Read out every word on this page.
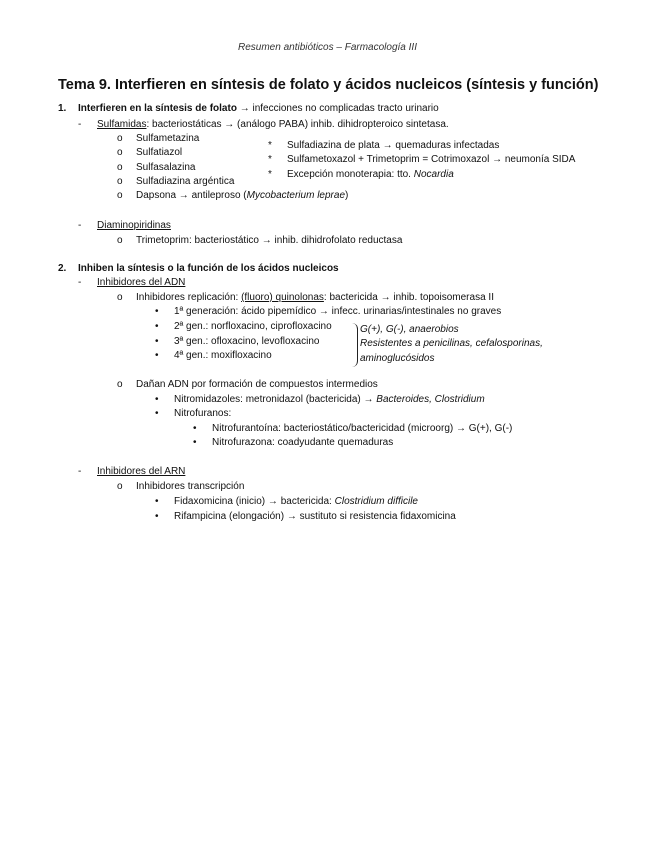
Resumen antibióticos – Farmacología III
Tema 9. Interfieren en síntesis de folato y ácidos nucleicos (síntesis y función)
1. Interfieren en la síntesis de folato → infecciones no complicadas tracto urinario
- Sulfamidas: bacteriostáticas → (análogo PABA) inhib. dihidropteroico sintetasa.
o Sulfametazina
o Sulfatiazol
o Sulfasalazina
o Sulfadiazina argéntica
o Dapsona → antileproso (Mycobacterium leprae)
* Sulfadiazina de plata → quemaduras infectadas
* Sulfametoxazol + Trimetoprim = Cotrimoxazol → neumonía SIDA
* Excepción monoterapia: tto. Nocardia
- Diaminopiridinas
o Trimetoprim: bacteriostático → inhib. dihidrofolato reductasa
2. Inhiben la síntesis o la función de los ácidos nucleicos
- Inhibidores del ADN
o Inhibidores replicación: (fluoro) quinolonas: bactericida → inhib. topoisomerasa II
• 1ª generación: ácido pipemídico → infecc. urinarias/intestinales no graves
• 2ª gen.: norfloxacino, ciprofloxacino
• 3ª gen.: ofloxacino, levofloxacino
• 4ª gen.: moxifloxacino
G(+), G(-), anaerobios
Resistentes a penicilinas, cefalosporinas,
aminoglucósidos
o Dañan ADN por formación de compuestos intermedios
• Nitromidazoles: metronidazol (bactericida) → Bacteroides, Clostridium
• Nitrofuranos:
• Nitrofurantoína: bacteriostático/bactericidad (microorg) → G(+), G(-)
• Nitrofurazona: coadyudante quemaduras
- Inhibidores del ARN
o Inhibidores transcripción
• Fidaxomicina (inicio) → bactericida: Clostridium difficile
• Rifampicina (elongación) → sustituto si resistencia fidaxomicina
